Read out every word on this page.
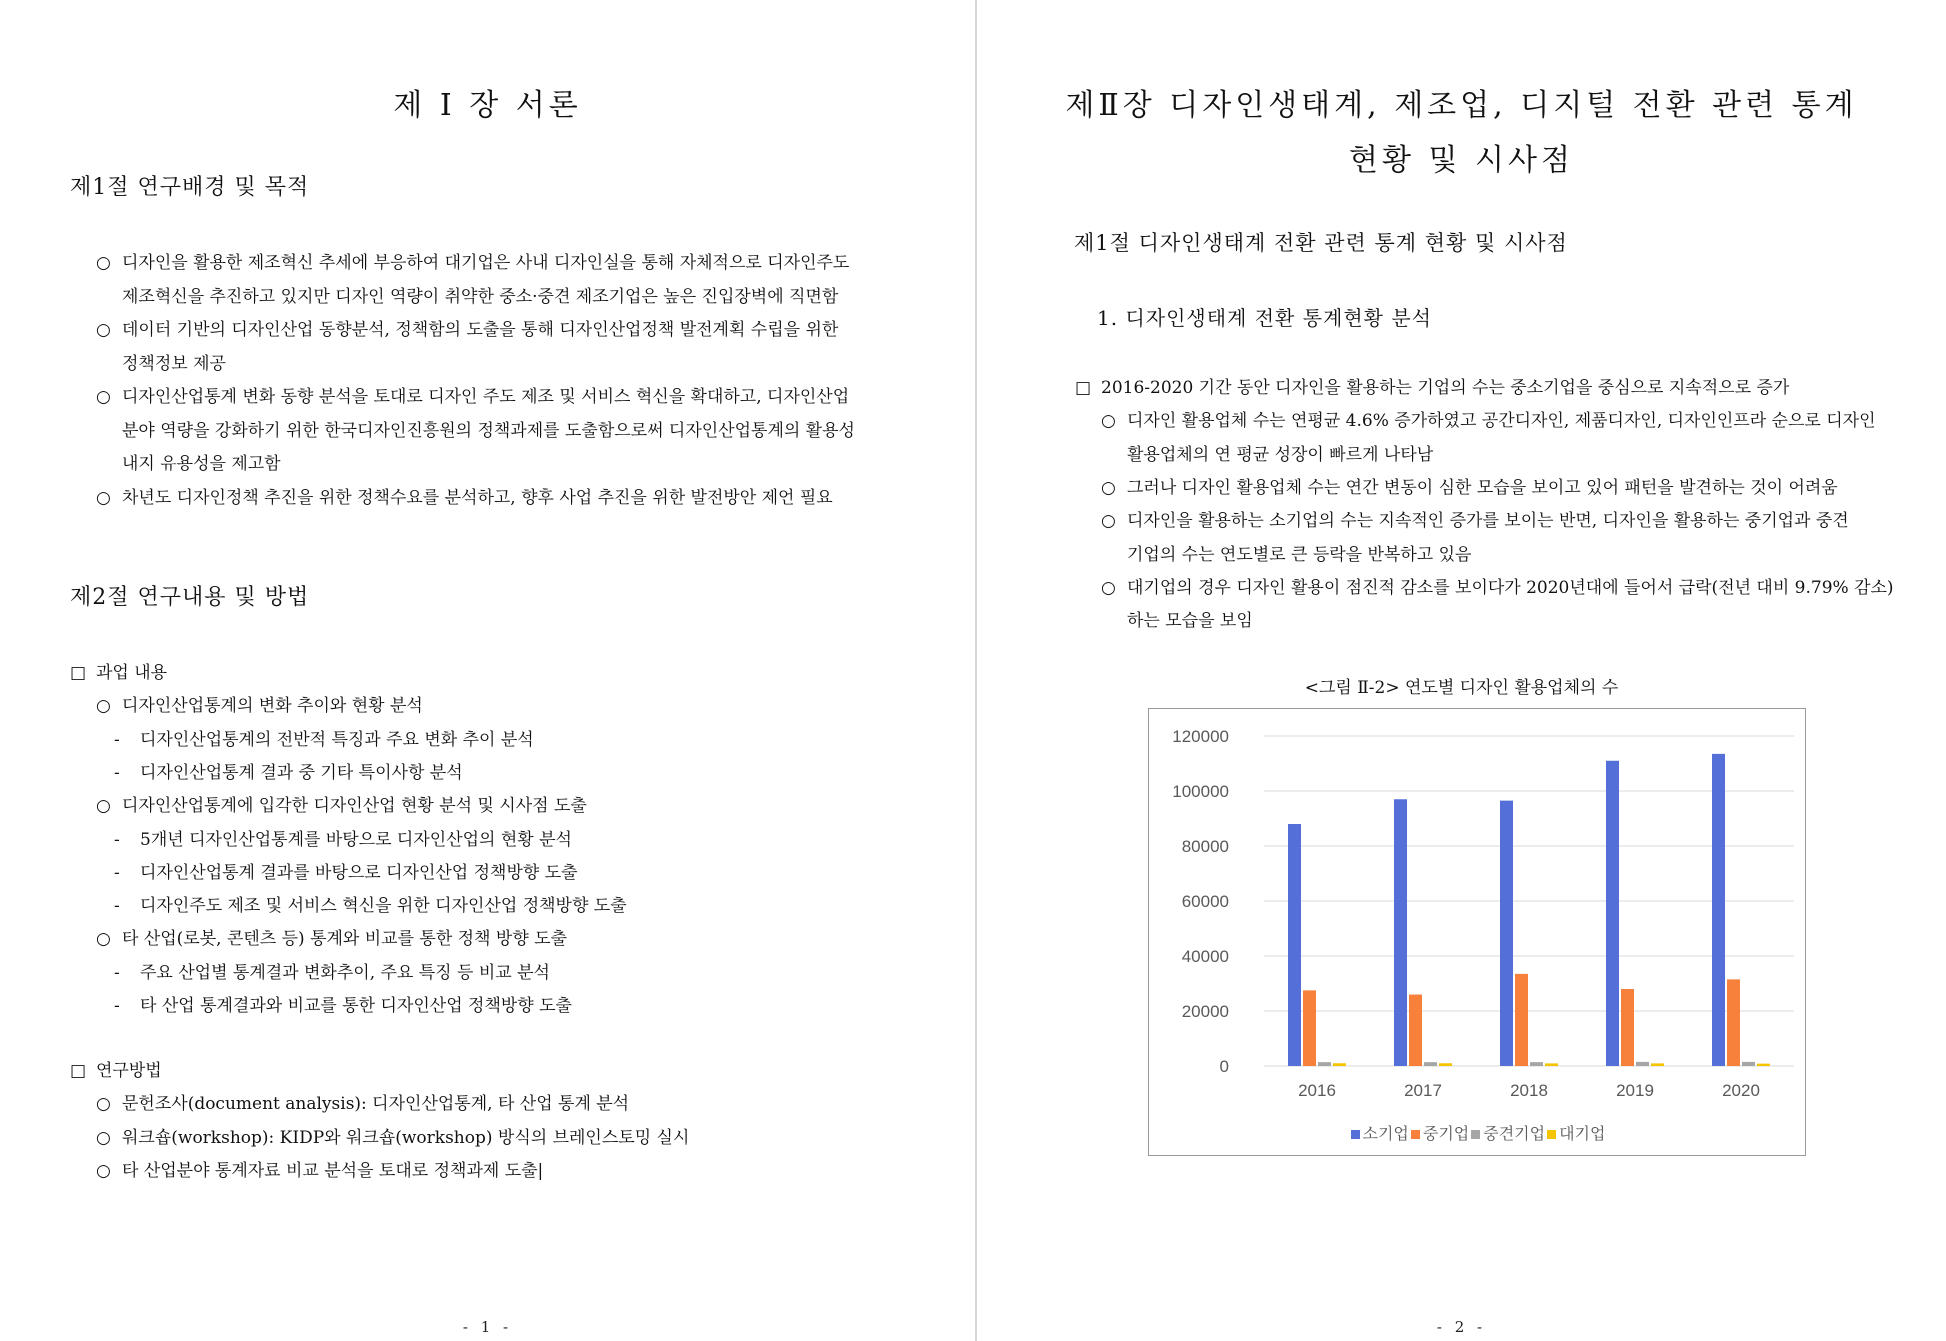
제 Ⅰ 장 서론
제1절 연구배경 및 목적
○ 디자인을 활용한 제조혁신 추세에 부응하여 대기업은 사내 디자인실을 통해 자체적으로 디자인주도
제조혁신을 추진하고 있지만 디자인 역량이 취약한 중소·중견 제조기업은 높은 진입장벽에 직면함
○ 데이터 기반의 디자인산업 동향분석, 정책함의 도출을 통해 디자인산업정책 발전계획 수립을 위한
정책정보 제공
○ 디자인산업통계 변화 동향 분석을 토대로 디자인 주도 제조 및 서비스 혁신을 확대하고, 디자인산업
분야 역량을 강화하기 위한 한국디자인진흥원의 정책과제를 도출함으로써 디자인산업통계의 활용성
내지 유용성을 제고함
○ 차년도 디자인정책 추진을 위한 정책수요를 분석하고, 향후 사업 추진을 위한 발전방안 제언 필요
제2절 연구내용 및 방법
□ 과업 내용
○ 디자인산업통계의 변화 추이와 현황 분석
- 디자인산업통계의 전반적 특징과 주요 변화 추이 분석
- 디자인산업통계 결과 중 기타 특이사항 분석
○ 디자인산업통계에 입각한 디자인산업 현황 분석 및 시사점 도출
- 5개년 디자인산업통계를 바탕으로 디자인산업의 현황 분석
- 디자인산업통계 결과를 바탕으로 디자인산업 정책방향 도출
- 디자인주도 제조 및 서비스 혁신을 위한 디자인산업 정책방향 도출
○ 타 산업(로봇, 콘텐츠 등) 통계와 비교를 통한 정책 방향 도출
- 주요 산업별 통계결과 변화추이, 주요 특징 등 비교 분석
- 타 산업 통계결과와 비교를 통한 디자인산업 정책방향 도출
□ 연구방법
○ 문헌조사(document analysis): 디자인산업통계, 타 산업 통계 분석
○ 워크숍(workshop): KIDP와 워크숍(workshop) 방식의 브레인스토밍 실시
○ 타 산업분야 통계자료 비교 분석을 토대로 정책과제 도출|
- 1 -
제Ⅱ장 디자인생태계, 제조업, 디지털 전환 관련 통계
현황 및 시사점
제1절 디자인생태계 전환 관련 통계 현황 및 시사점
1. 디자인생태계 전환 통계현황 분석
□ 2016-2020 기간 동안 디자인을 활용하는 기업의 수는 중소기업을 중심으로 지속적으로 증가
○ 디자인 활용업체 수는 연평균 4.6% 증가하였고 공간디자인, 제품디자인, 디자인인프라 순으로 디자인
활용업체의 연 평균 성장이 빠르게 나타남
○ 그러나 디자인 활용업체 수는 연간 변동이 심한 모습을 보이고 있어 패턴을 발견하는 것이 어려움
○ 디자인을 활용하는 소기업의 수는 지속적인 증가를 보이는 반면, 디자인을 활용하는 중기업과 중견
기업의 수는 연도별로 큰 등락을 반복하고 있음
○ 대기업의 경우 디자인 활용이 점진적 감소를 보이다가 2020년대에 들어서 급락(전년 대비 9.79% 감소)
하는 모습을 보임
<그림 Ⅱ-2> 연도별 디자인 활용업체의 수
- 2 -
0
20000
40000
60000
80000
100000
120000
2016	2017	2018	2019	2020
소기업 중기업 중견기업 대기업
